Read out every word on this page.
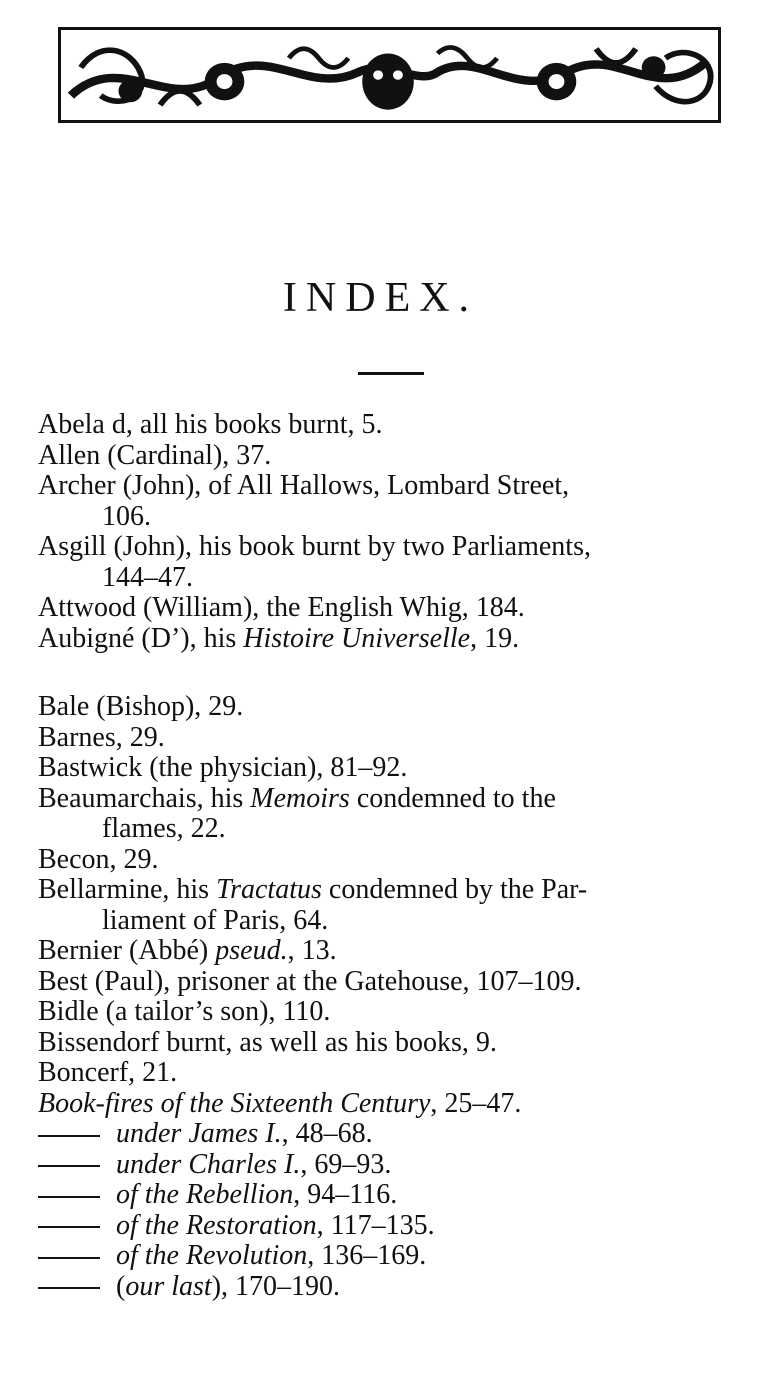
INDEX.
Abela d, all his books burnt, 5.
Allen (Cardinal), 37.
Archer (John), of All Hallows, Lombard Street,
106.
Asgill (John), his book burnt by two Parliaments,
144–47.
Attwood (William), the English Whig, 184.
Aubigné (D’), his Histoire Universelle, 19.
Bale (Bishop), 29.
Barnes, 29.
Bastwick (the physician), 81–92.
Beaumarchais, his Memoirs condemned to the
flames, 22.
Becon, 29.
Bellarmine, his Tractatus condemned by the Par-
liament of Paris, 64.
Bernier (Abbé) pseud., 13.
Best (Paul), prisoner at the Gatehouse, 107–109.
Bidle (a tailor’s son), 110.
Bissendorf burnt, as well as his books, 9.
Boncerf, 21.
Book-fires of the Sixteenth Century, 25–47.
under James I., 48–68.
under Charles I., 69–93.
of the Rebellion, 94–116.
of the Restoration, 117–135.
of the Revolution, 136–169.
(our last), 170–190.
